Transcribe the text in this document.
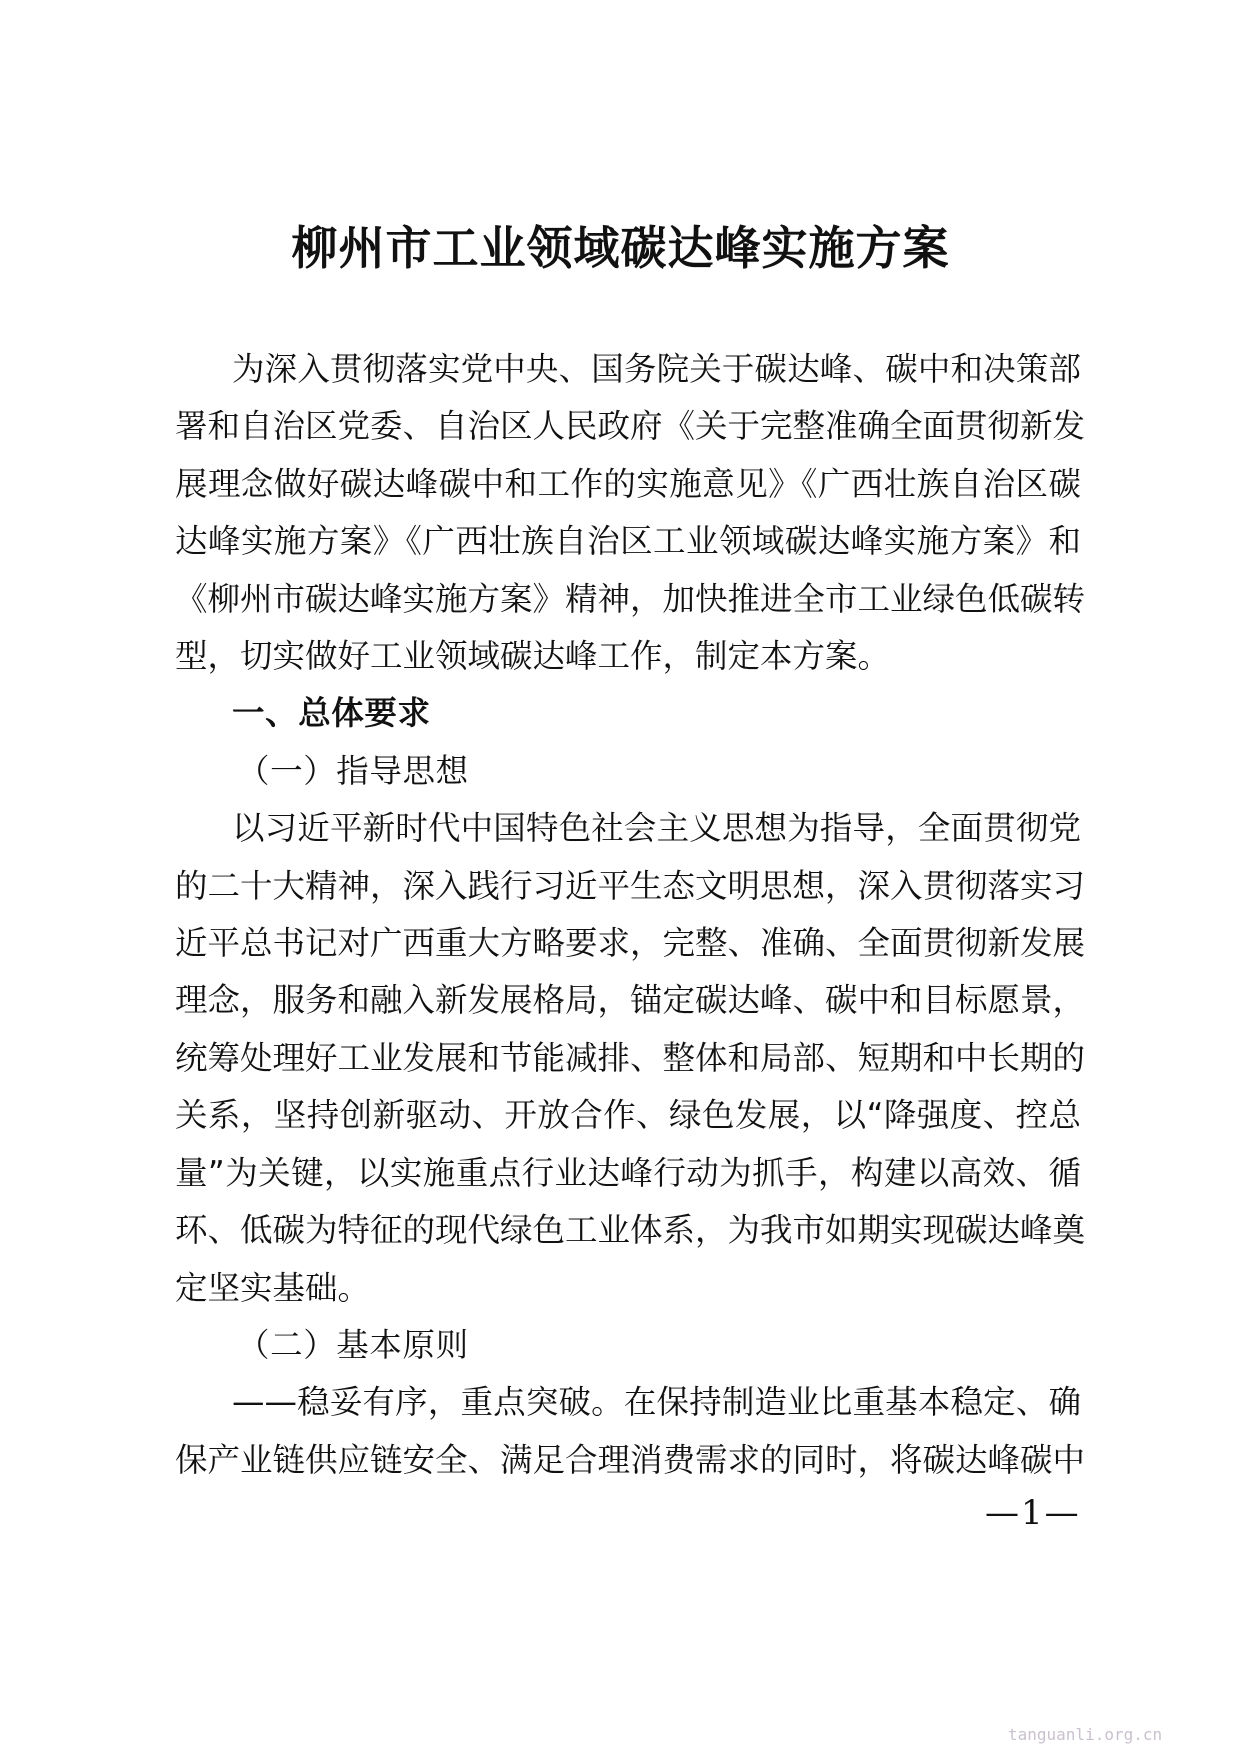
柳州市工业领域碳达峰实施方案
为深入贯彻落实党中央、国务院关于碳达峰、碳中和决策部
署和自治区党委、自治区人民政府《关于完整准确全面贯彻新发
展理念做好碳达峰碳中和工作的实施意见》《广西壮族自治区碳
达峰实施方案》《广西壮族自治区工业领域碳达峰实施方案》和
《柳州市碳达峰实施方案》精神，加快推进全市工业绿色低碳转
型，切实做好工业领域碳达峰工作，制定本方案。
一、总体要求
（一）指导思想
以习近平新时代中国特色社会主义思想为指导，全面贯彻党
的二十大精神，深入践行习近平生态文明思想，深入贯彻落实习
近平总书记对广西重大方略要求，完整、准确、全面贯彻新发展
理念，服务和融入新发展格局，锚定碳达峰、碳中和目标愿景，
统筹处理好工业发展和节能减排、整体和局部、短期和中长期的
关系，坚持创新驱动、开放合作、绿色发展，以“降强度、控总
量”为关键，以实施重点行业达峰行动为抓手，构建以高效、循
环、低碳为特征的现代绿色工业体系，为我市如期实现碳达峰奠
定坚实基础。
（二）基本原则
——稳妥有序，重点突破。在保持制造业比重基本稳定、确
保产业链供应链安全、满足合理消费需求的同时，将碳达峰碳中
—1—
tanguanli.org.cn
